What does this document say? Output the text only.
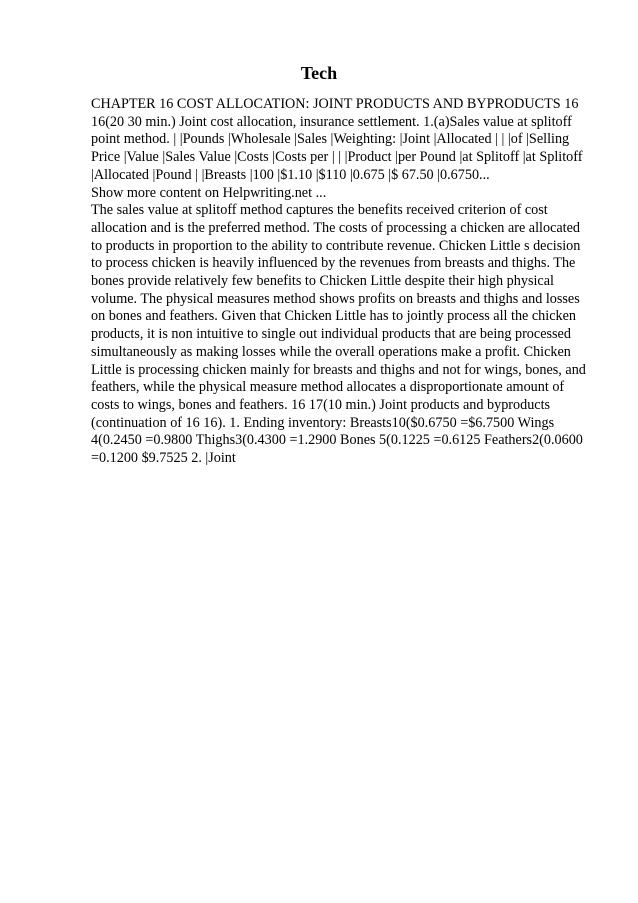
Tech

CHAPTER 16 COST ALLOCATION: JOINT PRODUCTS AND BYPRODUCTS 16 16(20 30 min.) Joint cost allocation, insurance settlement. 1.(a)Sales value at splitoff point method. | |Pounds |Wholesale |Sales |Weighting: |Joint |Allocated | | |of |Selling Price |Value |Sales Value |Costs |Costs per | | |Product |per Pound |at Splitoff |at Splitoff |Allocated |Pound | |Breasts |100 |$1.10 |$110 |0.675 |$ 67.50 |0.6750...

Show more content on Helpwriting.net ...

The sales value at splitoff method captures the benefits received criterion of cost allocation and is the preferred method. The costs of processing a chicken are allocated to products in proportion to the ability to contribute revenue. Chicken Little s decision to process chicken is heavily influenced by the revenues from breasts and thighs. The bones provide relatively few benefits to Chicken Little despite their high physical volume. The physical measures method shows profits on breasts and thighs and losses on bones and feathers. Given that Chicken Little has to jointly process all the chicken products, it is non intuitive to single out individual products that are being processed simultaneously as making losses while the overall operations make a profit. Chicken Little is processing chicken mainly for breasts and thighs and not for wings, bones, and feathers, while the physical measure method allocates a disproportionate amount of costs to wings, bones and feathers. 16 17(10 min.) Joint products and byproducts (continuation of 16 16). 1. Ending inventory: Breasts10($0.6750 =$6.7500 Wings 4(0.2450 =0.9800 Thighs3(0.4300 =1.2900 Bones 5(0.1225 =0.6125 Feathers2(0.0600 =0.1200 $9.7525 2. |Joint
